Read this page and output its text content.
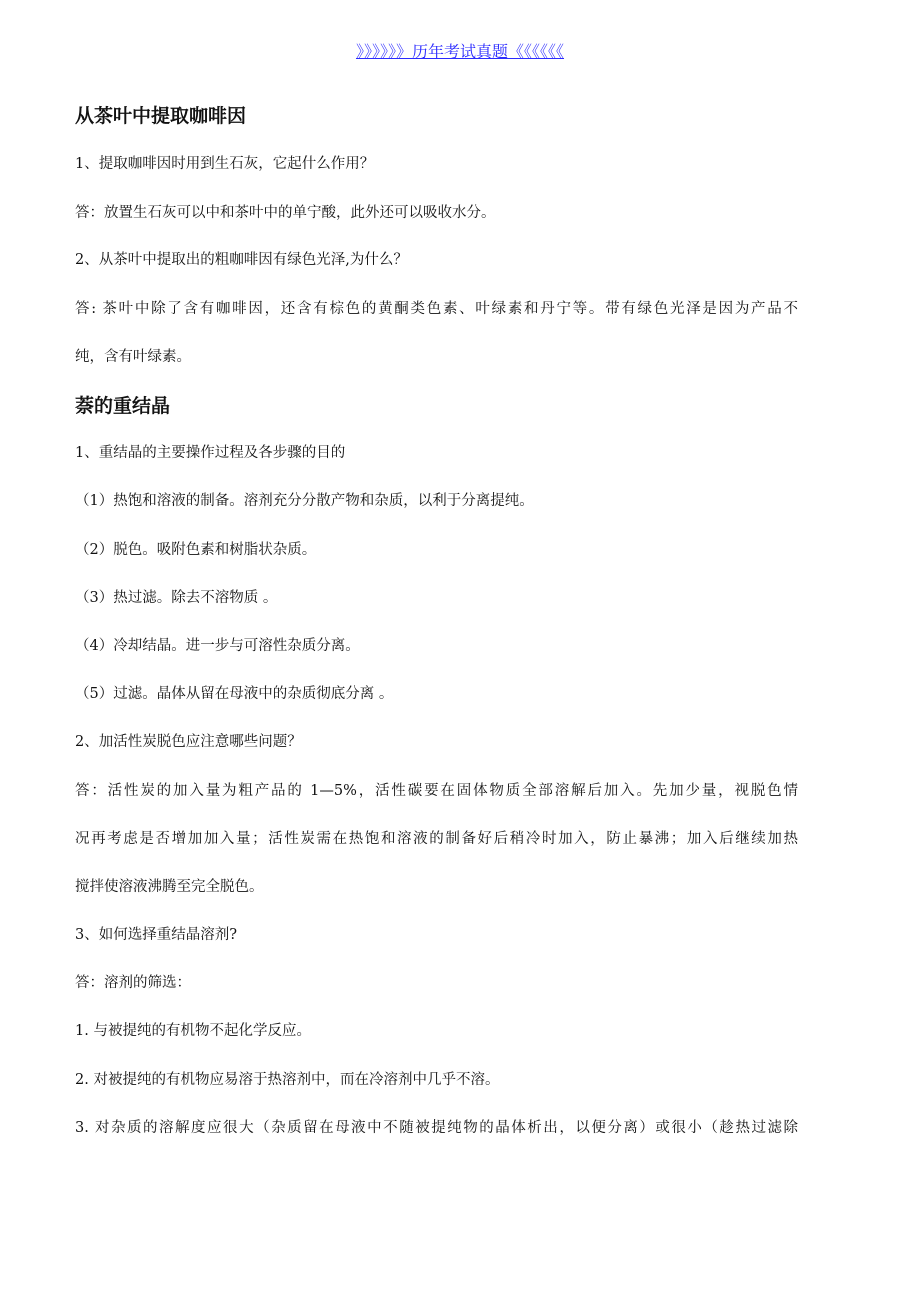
》》》》》》历年考试真题《《《《《《
从茶叶中提取咖啡因
1、提取咖啡因时用到生石灰，它起什么作用？
答：放置生石灰可以中和茶叶中的单宁酸，此外还可以吸收水分。
2、从茶叶中提取出的粗咖啡因有绿色光泽,为什么？
答: 茶叶中除了含有咖啡因，还含有棕色的黄酮类色素、叶绿素和丹宁等。带有绿色光泽是因为产品不
纯，含有叶绿素。
萘的重结晶
1、重结晶的主要操作过程及各步骤的目的
（1）热饱和溶液的制备。溶剂充分分散产物和杂质，以利于分离提纯。
（2）脱色。吸附色素和树脂状杂质。
（3）热过滤。除去不溶物质 。
（4）冷却结晶。进一步与可溶性杂质分离。
（5）过滤。晶体从留在母液中的杂质彻底分离 。
2、加活性炭脱色应注意哪些问题？
答：活性炭的加入量为粗产品的 1—5%，活性碳要在固体物质全部溶解后加入。先加少量，视脱色情
况再考虑是否增加加入量；活性炭需在热饱和溶液的制备好后稍冷时加入，防止暴沸；加入后继续加热
搅拌使溶液沸腾至完全脱色。
3、如何选择重结晶溶剂?
答：溶剂的筛选：
1. 与被提纯的有机物不起化学反应。
2. 对被提纯的有机物应易溶于热溶剂中，而在冷溶剂中几乎不溶。
3. 对杂质的溶解度应很大（杂质留在母液中不随被提纯物的晶体析出，以便分离）或很小（趁热过滤除
